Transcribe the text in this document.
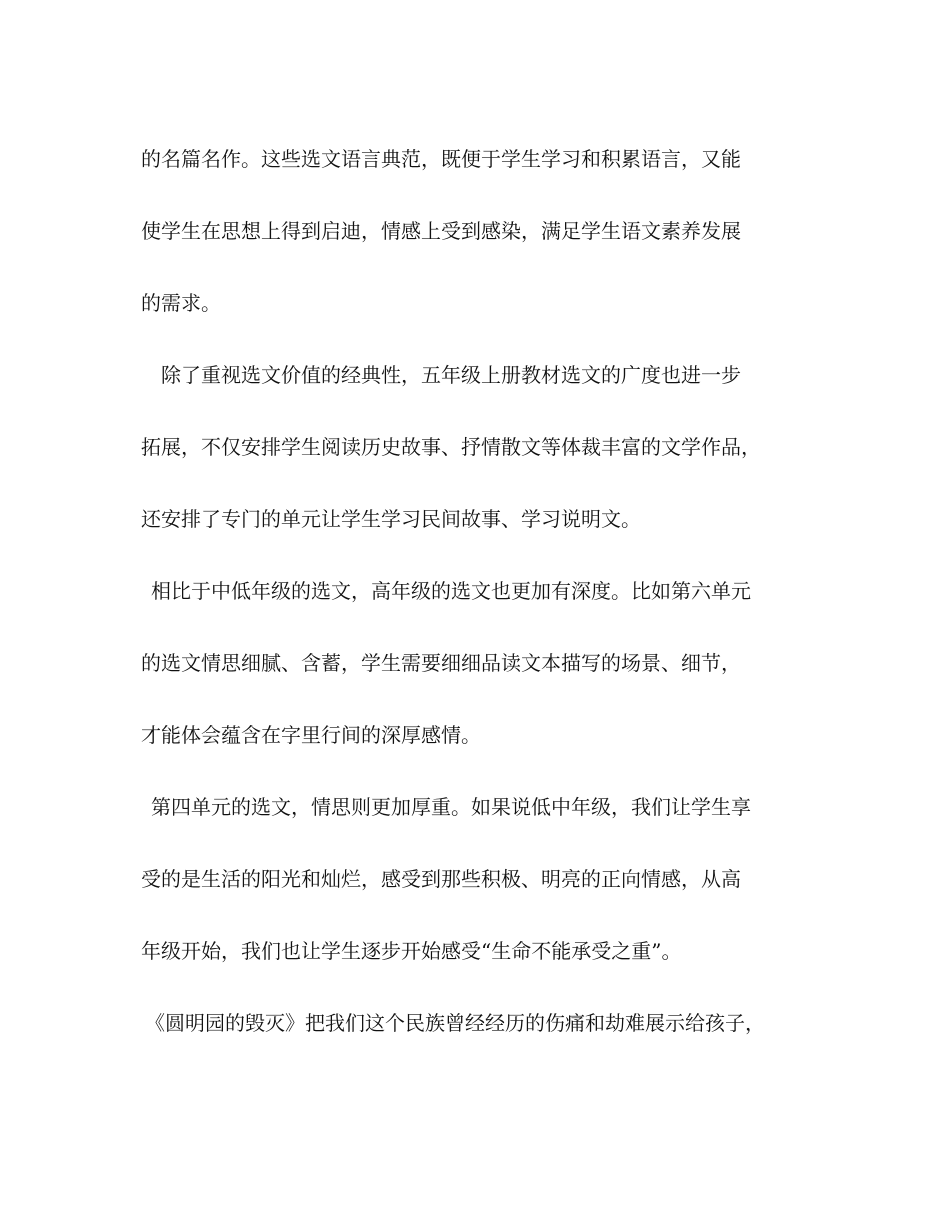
的名篇名作。这些选文语言典范，既便于学生学习和积累语言，又能
使学生在思想上得到启迪，情感上受到感染，满足学生语文素养发展
的需求。
除了重视选文价值的经典性，五年级上册教材选文的广度也进一步
拓展，不仅安排学生阅读历史故事、抒情散文等体裁丰富的文学作品，
还安排了专门的单元让学生学习民间故事、学习说明文。
相比于中低年级的选文，高年级的选文也更加有深度。比如第六单元
的选文情思细腻、含蓄，学生需要细细品读文本描写的场景、细节，
才能体会蕴含在字里行间的深厚感情。
第四单元的选文，情思则更加厚重。如果说低中年级，我们让学生享
受的是生活的阳光和灿烂，感受到那些积极、明亮的正向情感，从高
年级开始，我们也让学生逐步开始感受“生命不能承受之重”。
《圆明园的毁灭》把我们这个民族曾经经历的伤痛和劫难展示给孩子，
